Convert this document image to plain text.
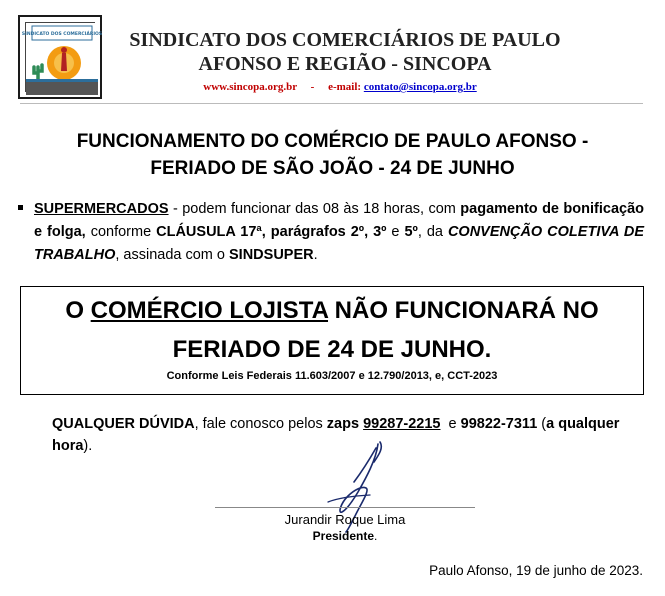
SINDICATO DOS COMERCIÁRIOS	SINDICATO DOS COMERCIÁRIOS DE PAULO
AFONSO E REGIÃO - SINCOPA
www.sincopa.org.br - e-mail: contato@sincopa.org.br
FUNCIONAMENTO DO COMÉRCIO DE PAULO AFONSO -
FERIADO DE SÃO JOÃO - 24 DE JUNHO
SUPERMERCADOS - podem funcionar das 08 às 18 horas, com pagamento de bonificação e folga, conforme CLÁUSULA 17ª, parágrafos 2º, 3º e 5º, da CONVENÇÃO COLETIVA DE TRABALHO, assinada com o SINDSUPER.
O COMÉRCIO LOJISTA NÃO FUNCIONARÁ NO
FERIADO DE 24 DE JUNHO.
Conforme Leis Federais 11.603/2007 e 12.790/2013, e, CCT-2023
QUALQUER DÚVIDA, fale conosco pelos zaps 99287-2215  e 99822-7311 (a qualquer hora).
Jurandir Roque Lima
Presidente.
Paulo Afonso, 19 de junho de 2023.
